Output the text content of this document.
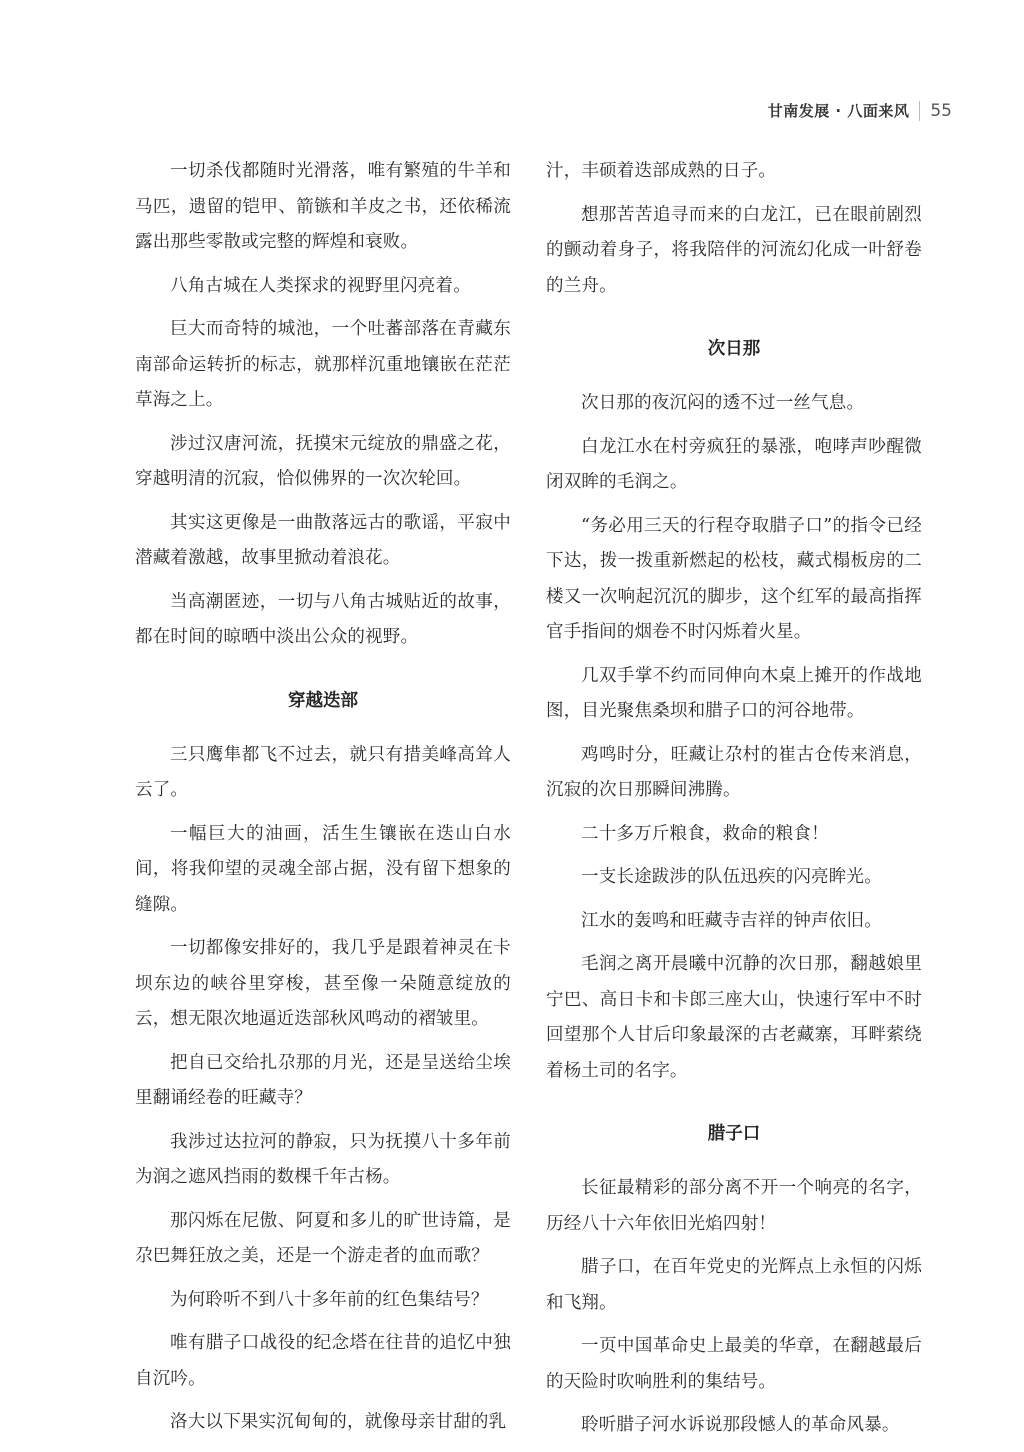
甘南发展 · 八面来风 55

一切杀伐都随时光滑落，唯有繁殖的牛羊和马匹，遗留的铠甲、箭镞和羊皮之书，还依稀流露出那些零散或完整的辉煌和衰败。

八角古城在人类探求的视野里闪亮着。

巨大而奇特的城池，一个吐蕃部落在青藏东南部命运转折的标志，就那样沉重地镶嵌在茫茫草海之上。

涉过汉唐河流，抚摸宋元绽放的鼎盛之花，穿越明清的沉寂，恰似佛界的一次次轮回。

其实这更像是一曲散落远古的歌谣，平寂中潜藏着激越，故事里掀动着浪花。

当高潮匿迹，一切与八角古城贴近的故事，都在时间的晾晒中淡出公众的视野。

穿越迭部

三只鹰隼都飞不过去，就只有措美峰高耸人云了。

一幅巨大的油画，活生生镶嵌在迭山白水间，将我仰望的灵魂全部占据，没有留下想象的缝隙。

一切都像安排好的，我几乎是跟着神灵在卡坝东边的峡谷里穿梭，甚至像一朵随意绽放的云，想无限次地逼近迭部秋风鸣动的褶皱里。

把自已交给扎尕那的月光，还是呈送给尘埃里翻诵经卷的旺藏寺？

我涉过达拉河的静寂，只为抚摸八十多年前为润之遮风挡雨的数棵千年古杨。

那闪烁在尼傲、阿夏和多儿的旷世诗篇，是尕巴舞狂放之美，还是一个游走者的血而歌？

为何聆听不到八十多年前的红色集结号？

唯有腊子口战役的纪念塔在往昔的追忆中独自沉吟。

洛大以下果实沉甸甸的，就像母亲甘甜的乳

汁，丰硕着迭部成熟的日子。

想那苦苦追寻而来的白龙江，已在眼前剧烈的颤动着身子，将我陪伴的河流幻化成一叶舒卷的兰舟。

次日那

次日那的夜沉闷的透不过一丝气息。

白龙江水在村旁疯狂的暴涨，咆哮声吵醒微闭双眸的毛润之。

“务必用三天的行程夺取腊子口”的指令已经下达，拨一拨重新燃起的松枝，藏式榻板房的二楼又一次响起沉沉的脚步，这个红军的最高指挥官手指间的烟卷不时闪烁着火星。

几双手掌不约而同伸向木桌上摊开的作战地图，目光聚焦桑坝和腊子口的河谷地带。

鸡鸣时分，旺藏让尕村的崔古仓传来消息，沉寂的次日那瞬间沸腾。

二十多万斤粮食，救命的粮食！

一支长途跋涉的队伍迅疾的闪亮眸光。

江水的轰鸣和旺藏寺吉祥的钟声依旧。

毛润之离开晨曦中沉静的次日那，翻越娘里宁巴、高日卡和卡郎三座大山，快速行军中不时回望那个人甘后印象最深的古老藏寨，耳畔萦绕着杨土司的名字。

腊子口

长征最精彩的部分离不开一个响亮的名字，历经八十六年依旧光焰四射！

腊子口，在百年党史的光辉点上永恒的闪烁和飞翔。

一页中国革命史上最美的华章，在翻越最后的天险时吹响胜利的集结号。

聆听腊子河水诉说那段憾人的革命风暴。
